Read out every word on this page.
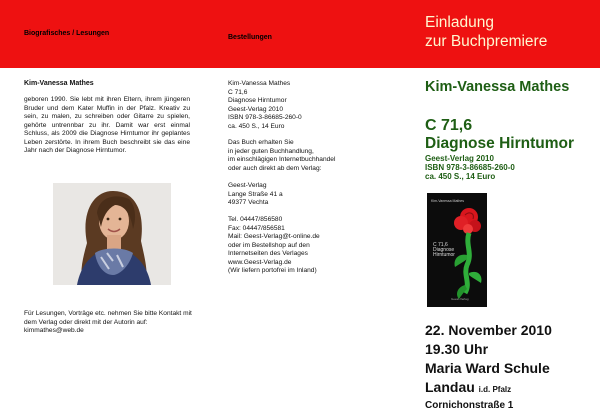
Biografisches / Lesungen
Kim-Vanessa Mathes
geboren 1990. Sie lebt mit ihren Eltern, ihrem jüngeren Bruder und dem Kater Muffin in der Pfalz. Kreativ zu sein, zu malen, zu schreiben oder Gitarre zu spielen, gehörte untrennbar zu ihr. Damit war erst einmal Schluss, als 2009 die Diagnose Hirntumor ihr geplantes Leben zerstörte. In ihrem Buch beschreibt sie das eine Jahr nach der Diagnose Hirntumor.
Für Lesungen, Vorträge etc. nehmen Sie bitte Kontakt mit dem Verlag oder direkt mit der Autorin auf:
kimmathes@web.de
Bestellungen
Kim-Vanessa Mathes
C 71,6
Diagnose Hirntumor
Geest-Verlag 2010
ISBN 978-3-86685-260-0
ca. 450 S., 14 Euro
Das Buch erhalten Sie
in jeder guten Buchhandlung,
im einschlägigen Internetbuchhandel
oder auch direkt ab dem Verlag:
Geest-Verlag
Lange Straße 41 a
49377 Vechta
Tel. 04447/856580
Fax: 04447/856581
Mail: Geest-Verlag@t-online.de
oder im Bestellshop auf den
Internetseiten des Verlages
www.Geest-Verlag.de
(Wir liefern portofrei im Inland)
Einladung
zur Buchpremiere
Kim-Vanessa Mathes
C 71,6
Diagnose Hirntumor
Geest-Verlag 2010
ISBN 978-3-86685-260-0
ca. 450 S., 14 Euro
Kim-Vanessa Mathes
C 71,6
Diagnose
Hirntumor
Geest-Verlag
22. November 2010
19.30 Uhr
Maria Ward Schule
Landau i.d. Pfalz
Cornichonstraße 1
